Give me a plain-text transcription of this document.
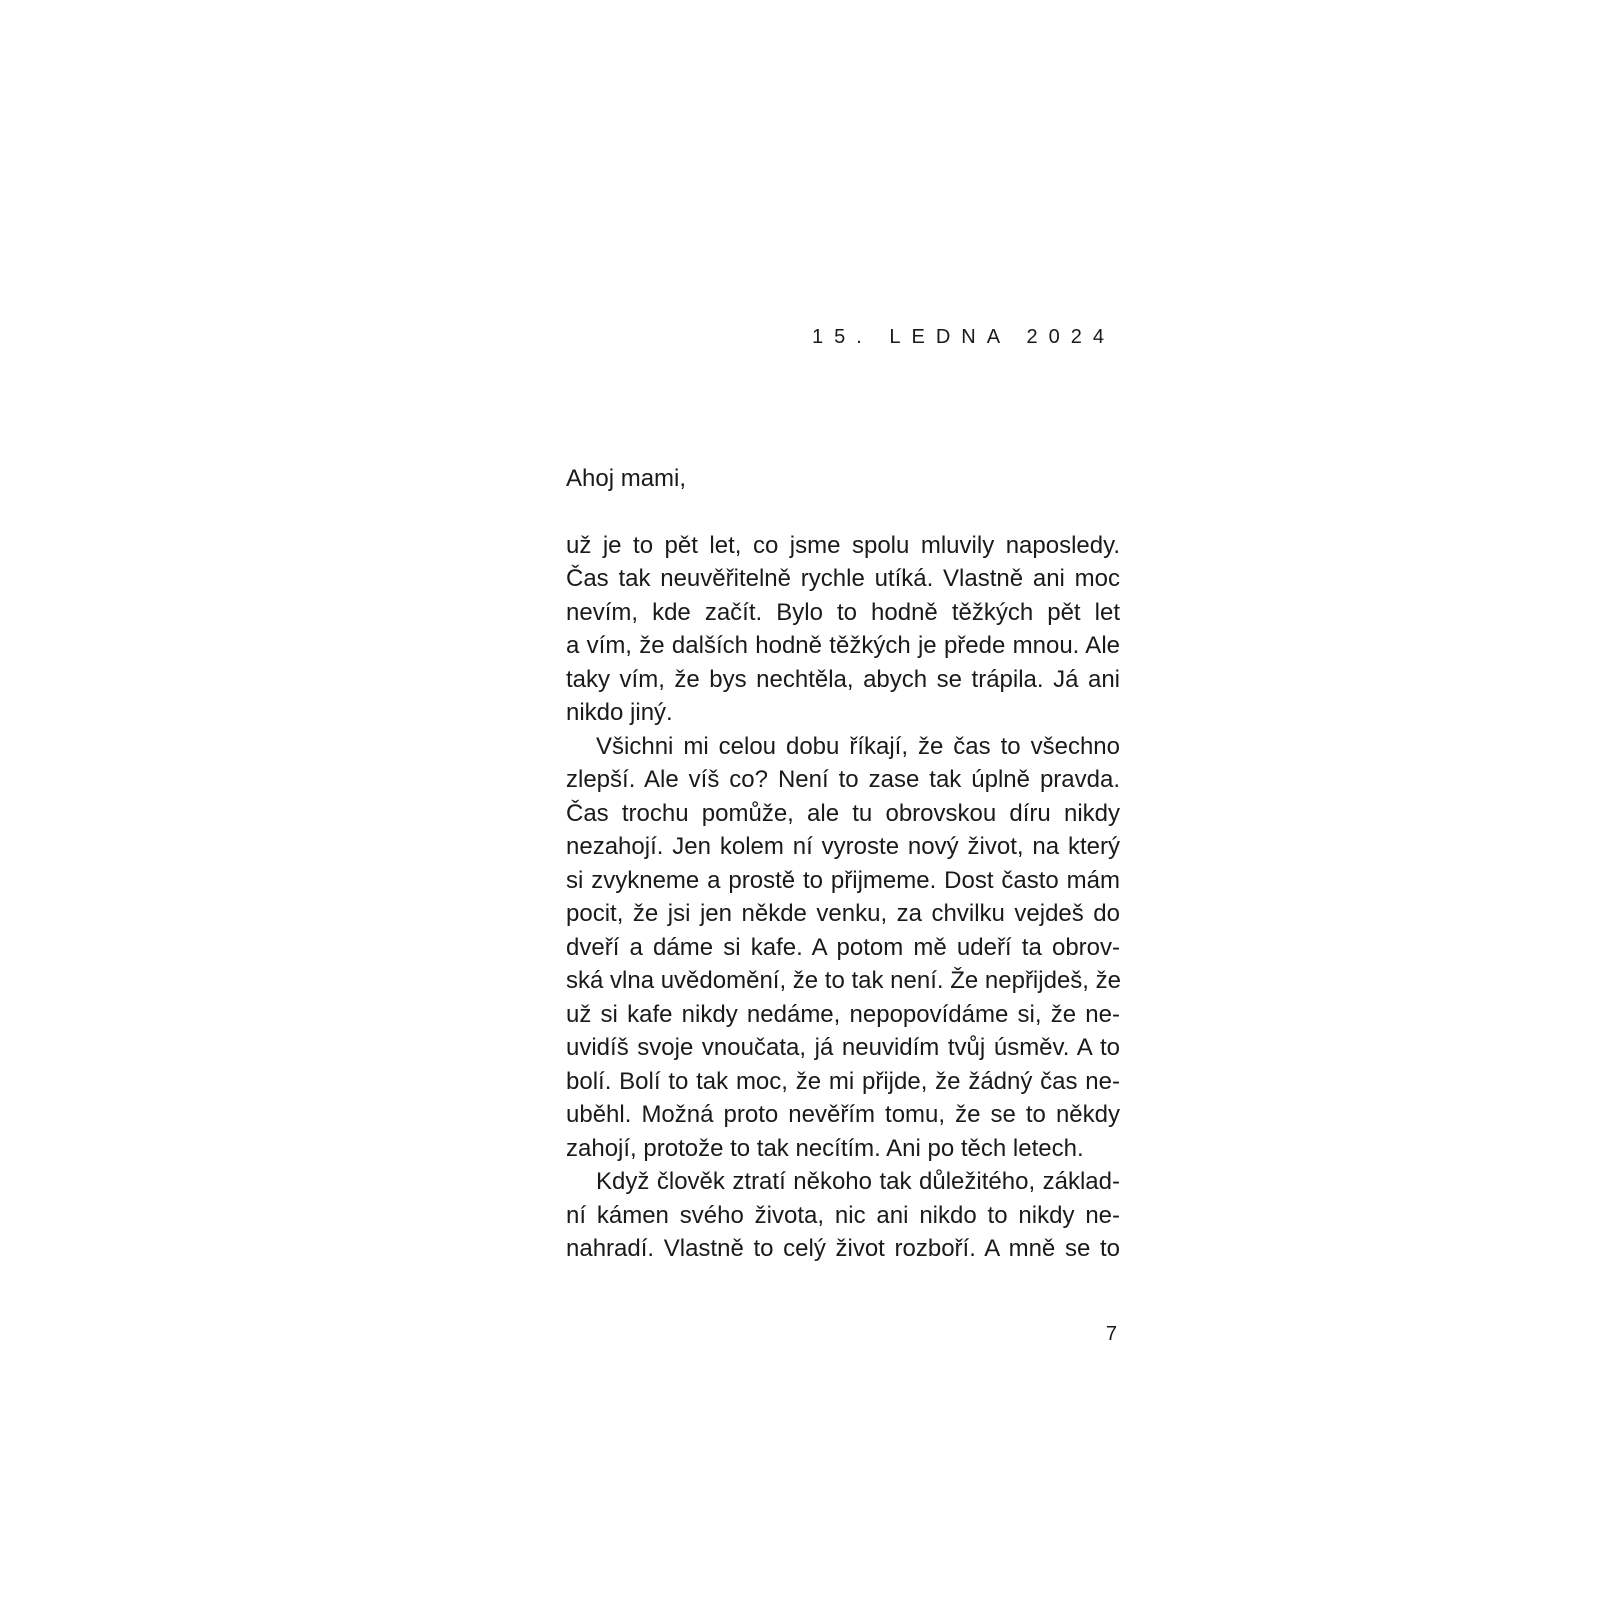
15. LEDNA 2024

Ahoj mami,

už je to pět let, co jsme spolu mluvily naposledy.
Čas tak neuvěřitelně rychle utíká. Vlastně ani moc
nevím, kde začít. Bylo to hodně těžkých pět let
a vím, že dalších hodně těžkých je přede mnou. Ale
taky vím, že bys nechtěla, abych se trápila. Já ani
nikdo jiný.

Všichni mi celou dobu říkají, že čas to všechno
zlepší. Ale víš co? Není to zase tak úplně pravda.
Čas trochu pomůže, ale tu obrovskou díru nikdy
nezahojí. Jen kolem ní vyroste nový život, na který
si zvykneme a prostě to přijmeme. Dost často mám
pocit, že jsi jen někde venku, za chvilku vejdeš do
dveří a dáme si kafe. A potom mě udeří ta obrov-
ská vlna uvědomění, že to tak není. Že nepřijdeš, že
už si kafe nikdy nedáme, nepopovídáme si, že ne-
uvidíš svoje vnoučata, já neuvidím tvůj úsměv. A to
bolí. Bolí to tak moc, že mi přijde, že žádný čas ne-
uběhl. Možná proto nevěřím tomu, že se to někdy
zahojí, protože to tak necítím. Ani po těch letech.

Když člověk ztratí někoho tak důležitého, základ-
ní kámen svého života, nic ani nikdo to nikdy ne-
nahradí. Vlastně to celý život rozboří. A mně se to

7
